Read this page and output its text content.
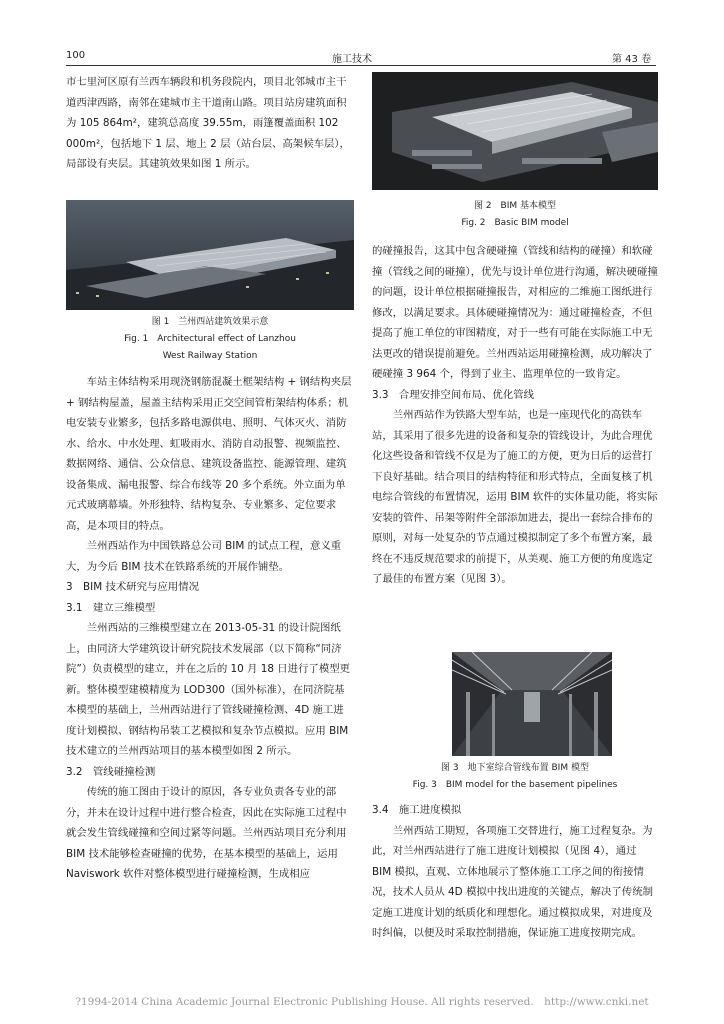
100	施工技术	第 43 卷

市七里河区原有兰西车辆段和机务段院内，项目北邻城市主干道西津西路，南邻在建城市主干道南山路。项目站房建筑面积为 105 864m²，建筑总高度 39.55m，雨篷覆盖面积 102 000m²，包括地下 1 层、地上 2 层（站台层、高架候车层），局部设有夹层。其建筑效果如图 1 所示。

图 1　兰州西站建筑效果示意
Fig. 1　Architectural effect of Lanzhou
West Railway Station

车站主体结构采用现浇钢筋混凝土框架结构 + 钢结构夹层 + 钢结构屋盖，屋盖主结构采用正交空间管桁架结构体系；机电安装专业繁多，包括多路电源供电、照明、气体灭火、消防水、给水、中水处理、虹吸雨水、消防自动报警、视频监控、数据网络、通信、公众信息、建筑设备监控、能源管理、建筑设备集成、漏电报警、综合布线等 20 多个系统。外立面为单元式玻璃幕墙。外形独特、结构复杂、专业繁多、定位要求高，是本项目的特点。

兰州西站作为中国铁路总公司 BIM 的试点工程，意义重大，为今后 BIM 技术在铁路系统的开展作铺垫。

3　BIM 技术研究与应用情况

3.1　建立三维模型

兰州西站的三维模型建立在 2013-05-31 的设计院图纸上，由同济大学建筑设计研究院技术发展部（以下简称“同济院”）负责模型的建立，并在之后的 10 月 18 日进行了模型更新。整体模型建模精度为 LOD300（国外标准），在同济院基本模型的基础上，兰州西站进行了管线碰撞检测、4D 施工进度计划模拟、钢结构吊装工艺模拟和复杂节点模拟。应用 BIM 技术建立的兰州西站项目的基本模型如图 2 所示。

3.2　管线碰撞检测

传统的施工图由于设计的原因，各专业负责各专业的部分，并未在设计过程中进行整合检查，因此在实际施工过程中就会发生管线碰撞和空间过紧等问题。兰州西站项目充分利用 BIM 技术能够检查碰撞的优势，在基本模型的基础上，运用 Naviswork 软件对整体模型进行碰撞检测，生成相应

图 2　BIM 基本模型
Fig. 2　Basic BIM model

的碰撞报告，这其中包含硬碰撞（管线和结构的碰撞）和软碰撞（管线之间的碰撞），优先与设计单位进行沟通，解决硬碰撞的问题，设计单位根据碰撞报告，对相应的二维施工图纸进行修改，以满足要求。具体硬碰撞情况为：通过碰撞检查，不但提高了施工单位的审图精度，对于一些有可能在实际施工中无法更改的错误提前避免。兰州西站运用碰撞检测，成功解决了硬碰撞 3 964 个，得到了业主、监理单位的一致肯定。

3.3　合理安排空间布局、优化管线

兰州西站作为铁路大型车站，也是一座现代化的高铁车站，其采用了很多先进的设备和复杂的管线设计，为此合理优化这些设备和管线不仅是为了施工的方便，更为日后的运营打下良好基础。结合项目的结构特征和形式特点，全面复核了机电综合管线的布置情况，运用 BIM 软件的实体量功能，将实际安装的管件、吊架等附件全部添加进去，提出一套综合排布的原则，对每一处复杂的节点通过模拟制定了多个布置方案，最终在不违反规范要求的前提下，从美观、施工方便的角度选定了最佳的布置方案（见图 3）。

图 3　地下室综合管线布置 BIM 模型
Fig. 3　BIM model for the basement pipelines

3.4　施工进度模拟

兰州西站工期短，各项施工交替进行，施工过程复杂。为此，对兰州西站进行了施工进度计划模拟（见图 4），通过 BIM 模拟，直观、立体地展示了整体施工工序之间的衔接情况，技术人员从 4D 模拟中找出进度的关键点，解决了传统制定施工进度计划的纸质化和理想化。通过模拟成果，对进度及时纠偏，以便及时采取控制措施，保证施工进度按期完成。

?1994-2014 China Academic Journal Electronic Publishing House. All rights reserved.　http://www.cnki.net
